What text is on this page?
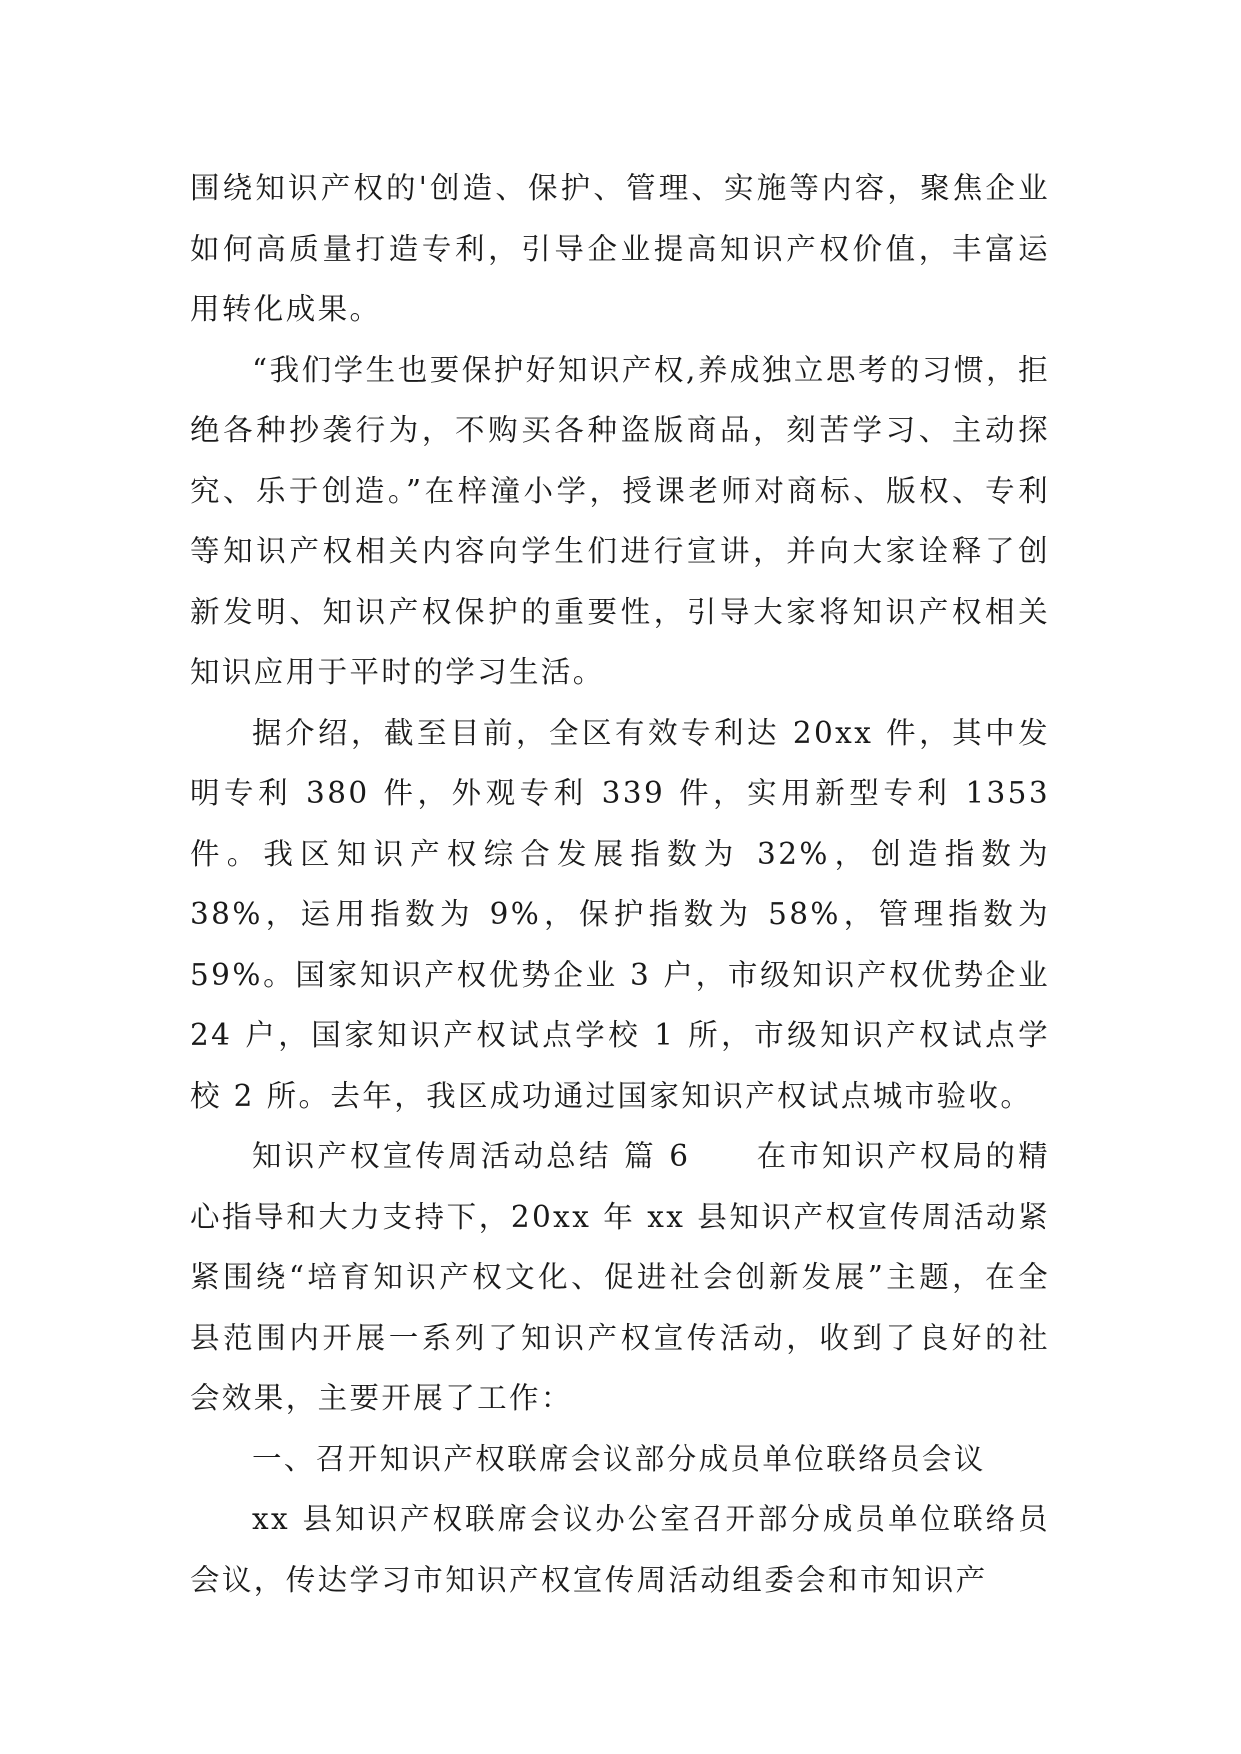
围绕知识产权的'创造、保护、管理、实施等内容，聚焦企业如何高质量打造专利，引导企业提高知识产权价值，丰富运用转化成果。

“我们学生也要保护好知识产权,养成独立思考的习惯，拒绝各种抄袭行为，不购买各种盗版商品，刻苦学习、主动探究、乐于创造。”在梓潼小学，授课老师对商标、版权、专利等知识产权相关内容向学生们进行宣讲，并向大家诠释了创新发明、知识产权保护的重要性，引导大家将知识产权相关知识应用于平时的学习生活。

据介绍，截至目前，全区有效专利达 20xx 件，其中发明专利 380 件，外观专利 339 件，实用新型专利 1353 件。我区知识产权综合发展指数为 32%，创造指数为 38%，运用指数为 9%，保护指数为 58%，管理指数为 59%。国家知识产权优势企业 3 户，市级知识产权优势企业 24 户，国家知识产权试点学校 1 所，市级知识产权试点学校 2 所。去年，我区成功通过国家知识产权试点城市验收。

知识产权宣传周活动总结 篇 6　　在市知识产权局的精心指导和大力支持下，20xx 年 xx 县知识产权宣传周活动紧紧围绕“培育知识产权文化、促进社会创新发展”主题，在全县范围内开展一系列了知识产权宣传活动，收到了良好的社会效果，主要开展了工作：

一、召开知识产权联席会议部分成员单位联络员会议

xx 县知识产权联席会议办公室召开部分成员单位联络员会议，传达学习市知识产权宣传周活动组委会和市知识产
